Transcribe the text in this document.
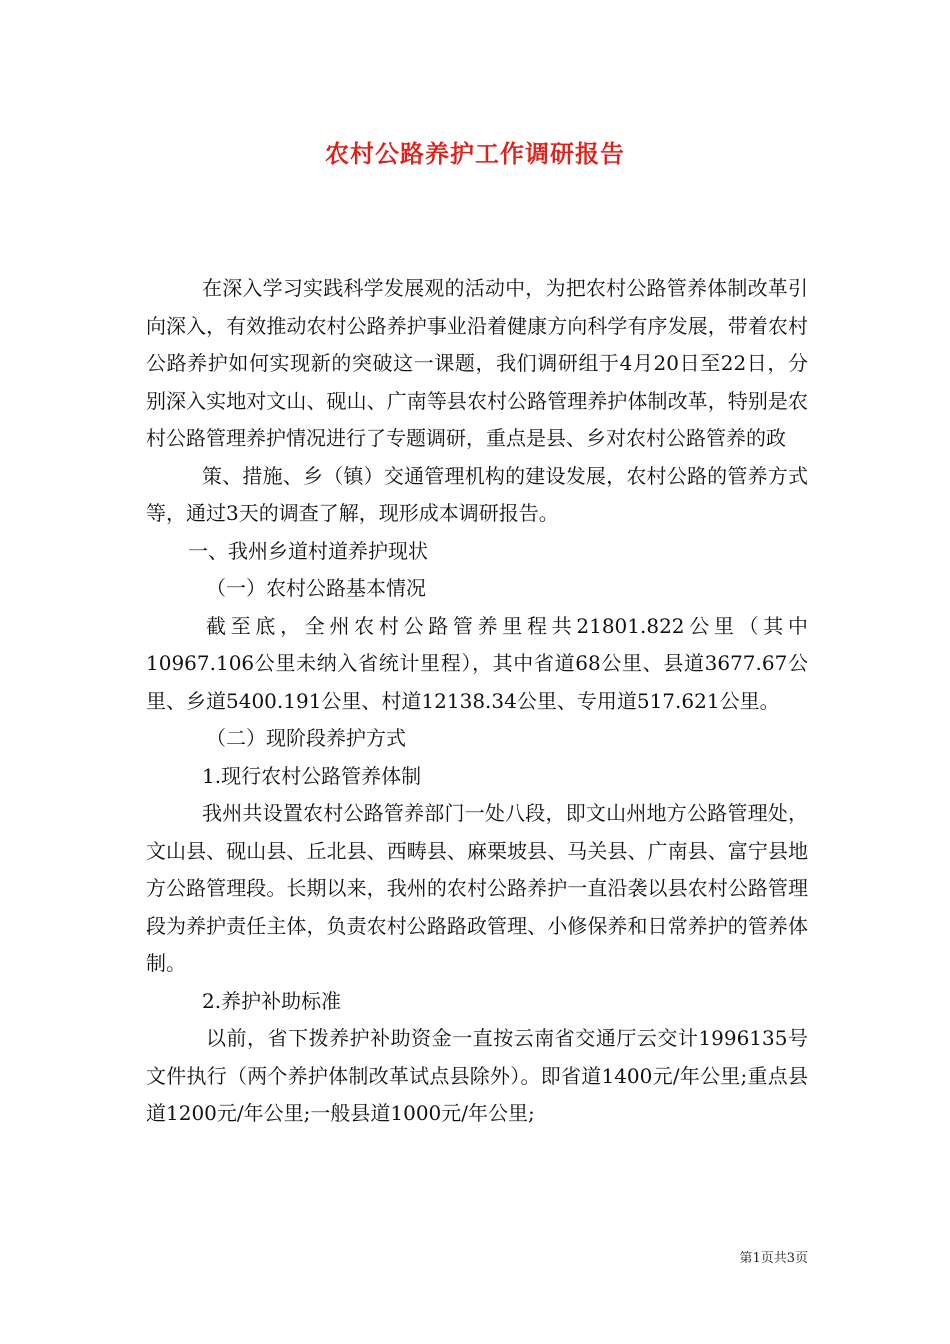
农村公路养护工作调研报告

在深入学习实践科学发展观的活动中，为把农村公路管养体制改革引向深入，有效推动农村公路养护事业沿着健康方向科学有序发展，带着农村公路养护如何实现新的突破这一课题，我们调研组于4月20日至22日，分别深入实地对文山、砚山、广南等县农村公路管理养护体制改革，特别是农村公路管理养护情况进行了专题调研，重点是县、乡对农村公路管养的政

策、措施、乡（镇）交通管理机构的建设发展，农村公路的管养方式等，通过3天的调查了解，现形成本调研报告。

一、我州乡道村道养护现状

（一）农村公路基本情况

截至底，全州农村公路管养里程共21801.822公里（其中10967.106公里未纳入省统计里程），其中省道68公里、县道3677.67公里、乡道5400.191公里、村道12138.34公里、专用道517.621公里。

（二）现阶段养护方式

1.现行农村公路管养体制

我州共设置农村公路管养部门一处八段，即文山州地方公路管理处，文山县、砚山县、丘北县、西畴县、麻栗坡县、马关县、广南县、富宁县地方公路管理段。长期以来，我州的农村公路养护一直沿袭以县农村公路管理段为养护责任主体，负责农村公路路政管理、小修保养和日常养护的管养体制。

2.养护补助标准

以前，省下拨养护补助资金一直按云南省交通厅云交计1996135号文件执行（两个养护体制改革试点县除外）。即省道1400元/年公里;重点县道1200元/年公里;一般县道1000元/年公里;

第1页共3页
